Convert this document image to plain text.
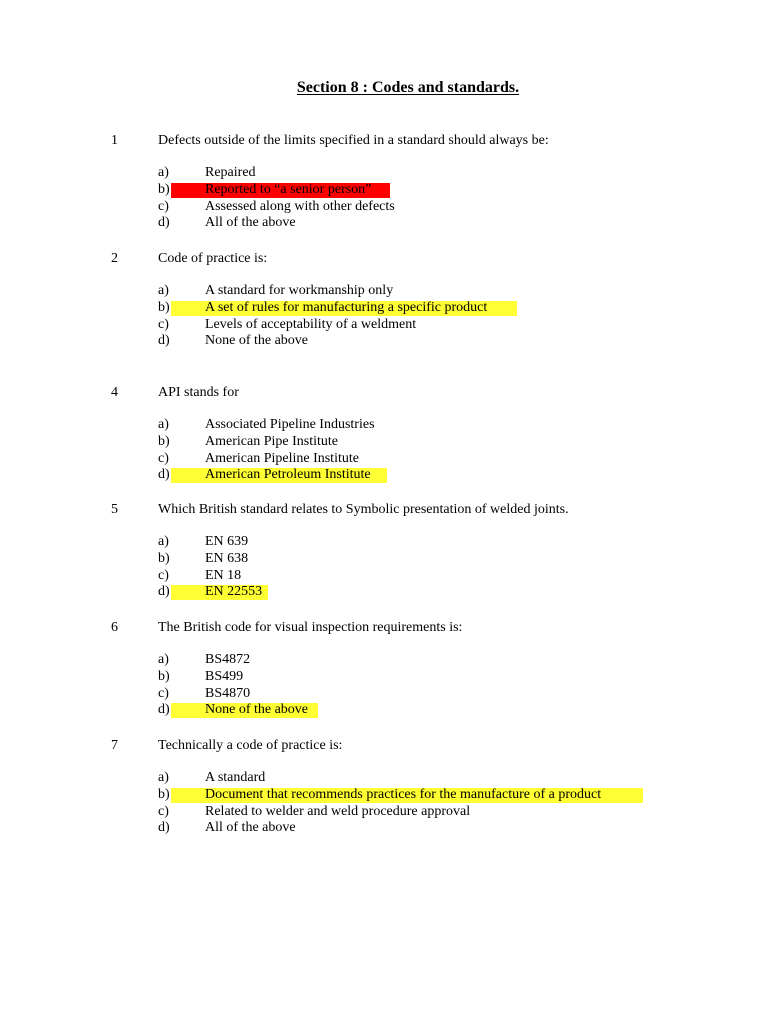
Section 8 : Codes and standards.
1	Defects outside of the limits specified in a standard should always be:
a)	Repaired
b)	Reported to “a senior person”
c)	Assessed along with other defects
d)	All of the above
2	Code of practice is:
a)	A standard for workmanship only
b)	A set of rules for manufacturing a specific product
c)	Levels of acceptability of a weldment
d)	None of the above
4	API stands for
a)	Associated Pipeline Industries
b)	American Pipe Institute
c)	American Pipeline Institute
d)	American Petroleum Institute
5	Which British standard relates to Symbolic presentation of welded joints.
a)	EN 639
b)	EN 638
c)	EN 18
d)	EN 22553
6	The British code for visual inspection requirements is:
a)	BS4872
b)	BS499
c)	BS4870
d)	None of the above
7	Technically a code of practice is:
a)	A standard
b)	Document that recommends practices for the manufacture of a product
c)	Related to welder and weld procedure approval
d)	All of the above
